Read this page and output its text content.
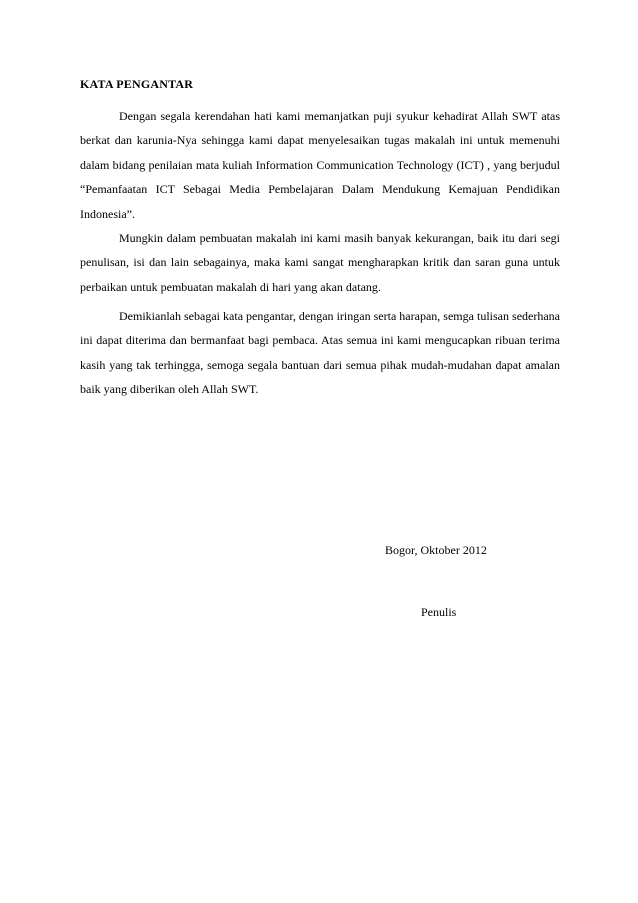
KATA PENGANTAR

Dengan segala kerendahan hati kami memanjatkan puji syukur kehadirat Allah SWT atas berkat dan karunia-Nya sehingga kami dapat menyelesaikan tugas makalah ini untuk memenuhi dalam bidang penilaian mata kuliah Information Communication Technology (ICT) , yang berjudul “Pemanfaatan ICT Sebagai Media Pembelajaran Dalam Mendukung Kemajuan Pendidikan Indonesia”.

Mungkin dalam pembuatan makalah ini kami masih banyak kekurangan, baik itu dari segi penulisan, isi dan lain sebagainya, maka kami sangat mengharapkan kritik dan saran guna untuk perbaikan untuk pembuatan makalah di hari yang akan datang.

Demikianlah sebagai kata pengantar, dengan iringan serta harapan, semga tulisan sederhana ini dapat diterima dan bermanfaat bagi pembaca. Atas semua ini kami mengucapkan ribuan terima kasih yang tak terhingga, semoga segala bantuan dari semua pihak mudah-mudahan dapat amalan baik yang diberikan oleh Allah SWT.

Bogor, Oktober 2012

Penulis
